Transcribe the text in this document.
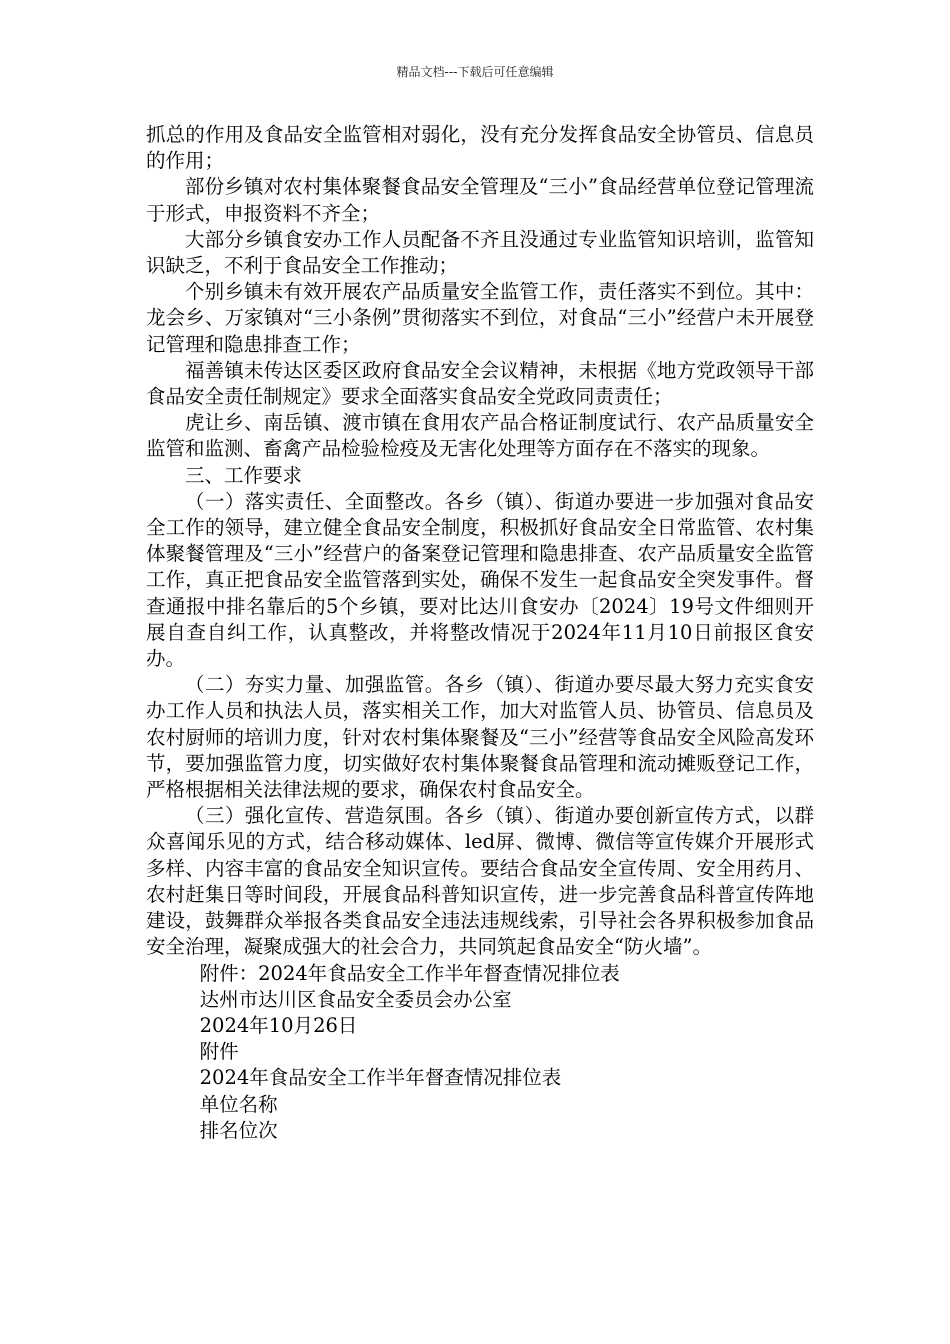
精品文档---下载后可任意编辑

抓总的作用及食品安全监管相对弱化，没有充分发挥食品安全协管员、信息员的作用；

部份乡镇对农村集体聚餐食品安全管理及“三小”食品经营单位登记管理流于形式，申报资料不齐全；

大部分乡镇食安办工作人员配备不齐且没通过专业监管知识培训，监管知识缺乏，不利于食品安全工作推动；

个别乡镇未有效开展农产品质量安全监管工作，责任落实不到位。其中：龙会乡、万家镇对“三小条例”贯彻落实不到位，对食品“三小”经营户未开展登记管理和隐患排查工作；

福善镇未传达区委区政府食品安全会议精神，未根据《地方党政领导干部食品安全责任制规定》要求全面落实食品安全党政同责责任；

虎让乡、南岳镇、渡市镇在食用农产品合格证制度试行、农产品质量安全监管和监测、畜禽产品检验检疫及无害化处理等方面存在不落实的现象。

三、工作要求

（一）落实责任、全面整改。各乡（镇）、街道办要进一步加强对食品安全工作的领导，建立健全食品安全制度，积极抓好食品安全日常监管、农村集体聚餐管理及“三小”经营户的备案登记管理和隐患排查、农产品质量安全监管工作，真正把食品安全监管落到实处，确保不发生一起食品安全突发事件。督查通报中排名靠后的5个乡镇，要对比达川食安办〔2024〕19号文件细则开展自查自纠工作，认真整改，并将整改情况于2024年11月10日前报区食安办。

（二）夯实力量、加强监管。各乡（镇）、街道办要尽最大努力充实食安办工作人员和执法人员，落实相关工作，加大对监管人员、协管员、信息员及农村厨师的培训力度，针对农村集体聚餐及“三小”经营等食品安全风险高发环节，要加强监管力度，切实做好农村集体聚餐食品管理和流动摊贩登记工作，严格根据相关法律法规的要求，确保农村食品安全。

（三）强化宣传、营造氛围。各乡（镇）、街道办要创新宣传方式，以群众喜闻乐见的方式，结合移动媒体、led屏、微博、微信等宣传媒介开展形式多样、内容丰富的食品安全知识宣传。要结合食品安全宣传周、安全用药月、农村赶集日等时间段，开展食品科普知识宣传，进一步完善食品科普宣传阵地建设，鼓舞群众举报各类食品安全违法违规线索，引导社会各界积极参加食品安全治理，凝聚成强大的社会合力，共同筑起食品安全“防火墙”。

附件：2024年食品安全工作半年督查情况排位表

达州市达川区食品安全委员会办公室

2024年10月26日

附件

2024年食品安全工作半年督查情况排位表

单位名称

排名位次
